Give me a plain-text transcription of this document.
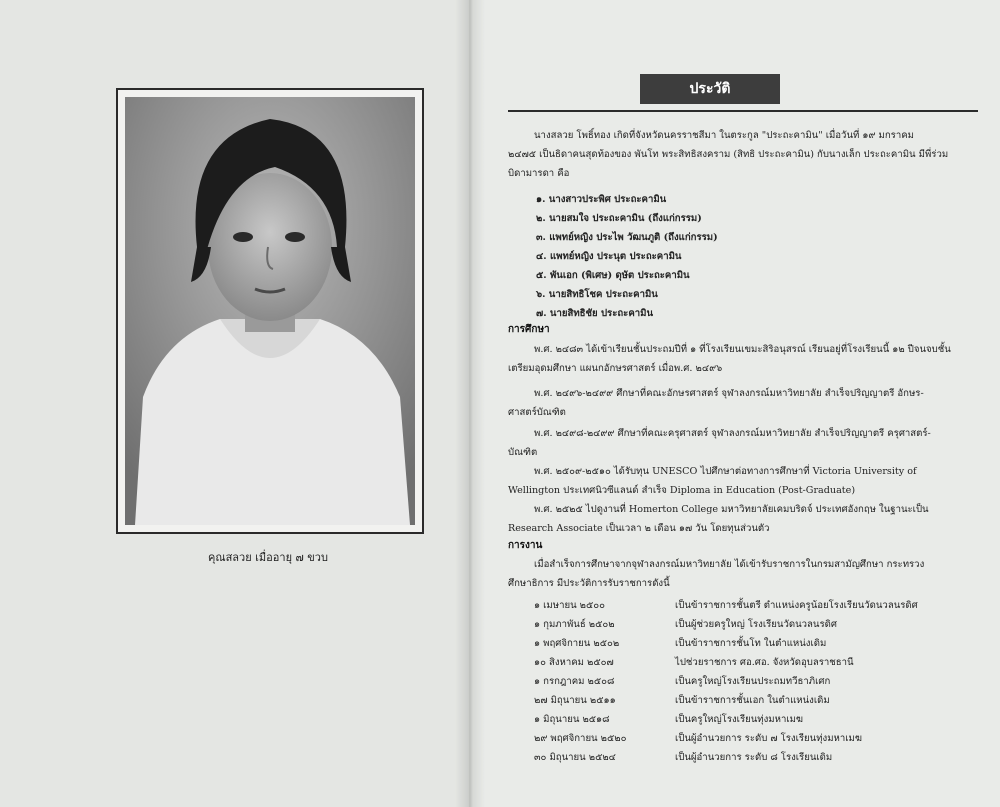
คุณสลวย เมื่ออายุ ๗ ขวบ
ประวัติ
นางสลวย โพธิ์ทอง เกิดที่จังหวัดนครราชสีมา ในตระกูล "ประถะคามิน" เมื่อวันที่ ๑๙ มกราคม
๒๔๗๕ เป็นธิดาคนสุดท้องของ พันโท พระสิทธิสงคราม (สิทธิ ประถะคามิน) กับนางเล็ก ประถะคามิน มีพี่ร่วม
บิดามารดา คือ
๑. นางสาวประพิศ ประถะคามิน
๒. นายสมใจ ประถะคามิน (ถึงแก่กรรม)
๓. แพทย์หญิง ประไพ วัฒนภูติ (ถึงแก่กรรม)
๔. แพทย์หญิง ประนุต ประถะคามิน
๕. พันเอก (พิเศษ) ดุษัต ประถะคามิน
๖. นายสิทธิโชค ประถะคามิน
๗. นายสิทธิชัย ประถะคามิน
การศึกษา
พ.ศ. ๒๔๘๓ ได้เข้าเรียนชั้นประถมปีที่ ๑ ที่โรงเรียนเขมะสิริอนุสรณ์ เรียนอยู่ที่โรงเรียนนี้ ๑๒ ปีจนจบชั้น
เตรียมอุดมศึกษา แผนกอักษรศาสตร์ เมื่อพ.ศ. ๒๔๙๖
พ.ศ. ๒๔๙๖-๒๔๙๙ ศึกษาที่คณะอักษรศาสตร์ จุฬาลงกรณ์มหาวิทยาลัย สำเร็จปริญญาตรี อักษร-
ศาสตร์บัณฑิต
พ.ศ. ๒๔๙๘-๒๔๙๙ ศึกษาที่คณะครุศาสตร์ จุฬาลงกรณ์มหาวิทยาลัย สำเร็จปริญญาตรี ครุศาสตร์-
บัณฑิต
พ.ศ. ๒๕๐๙-๒๕๑๐ ได้รับทุน UNESCO ไปศึกษาต่อทางการศึกษาที่ Victoria University of
Wellington ประเทศนิวซีแลนด์ สำเร็จ Diploma in Education (Post-Graduate)
พ.ศ. ๒๕๒๕ ไปดูงานที่ Homerton College มหาวิทยาลัยเคมบริดจ์ ประเทศอังกฤษ ในฐานะเป็น
Research Associate เป็นเวลา ๒ เดือน ๑๗ วัน โดยทุนส่วนตัว
การงาน
เมื่อสำเร็จการศึกษาจากจุฬาลงกรณ์มหาวิทยาลัย ได้เข้ารับราชการในกรมสามัญศึกษา กระทรวง
ศึกษาธิการ มีประวัติการรับราชการดังนี้
๑ เมษายน ๒๕๐๐	เป็นข้าราชการชั้นตรี ตำแหน่งครูน้อยโรงเรียนวัดนวลนรดิศ
๑ กุมภาพันธ์ ๒๕๐๒	เป็นผู้ช่วยครูใหญ่ โรงเรียนวัดนวลนรดิศ
๑ พฤศจิกายน ๒๕๐๒	เป็นข้าราชการชั้นโท ในตำแหน่งเดิม
๑๐ สิงหาคม ๒๕๐๗	ไปช่วยราชการ ศอ.ศอ. จังหวัดอุบลราชธานี
๑ กรกฎาคม ๒๕๐๘	เป็นครูใหญ่โรงเรียนประถมทวีธาภิเศก
๒๗ มิถุนายน ๒๕๑๑	เป็นข้าราชการชั้นเอก ในตำแหน่งเดิม
๑ มิถุนายน ๒๕๑๘	เป็นครูใหญ่โรงเรียนทุ่งมหาเมฆ
๒๙ พฤศจิกายน ๒๕๒๐	เป็นผู้อำนวยการ ระดับ ๗ โรงเรียนทุ่งมหาเมฆ
๓๐ มิถุนายน ๒๕๒๔	เป็นผู้อำนวยการ ระดับ ๘ โรงเรียนเดิม
